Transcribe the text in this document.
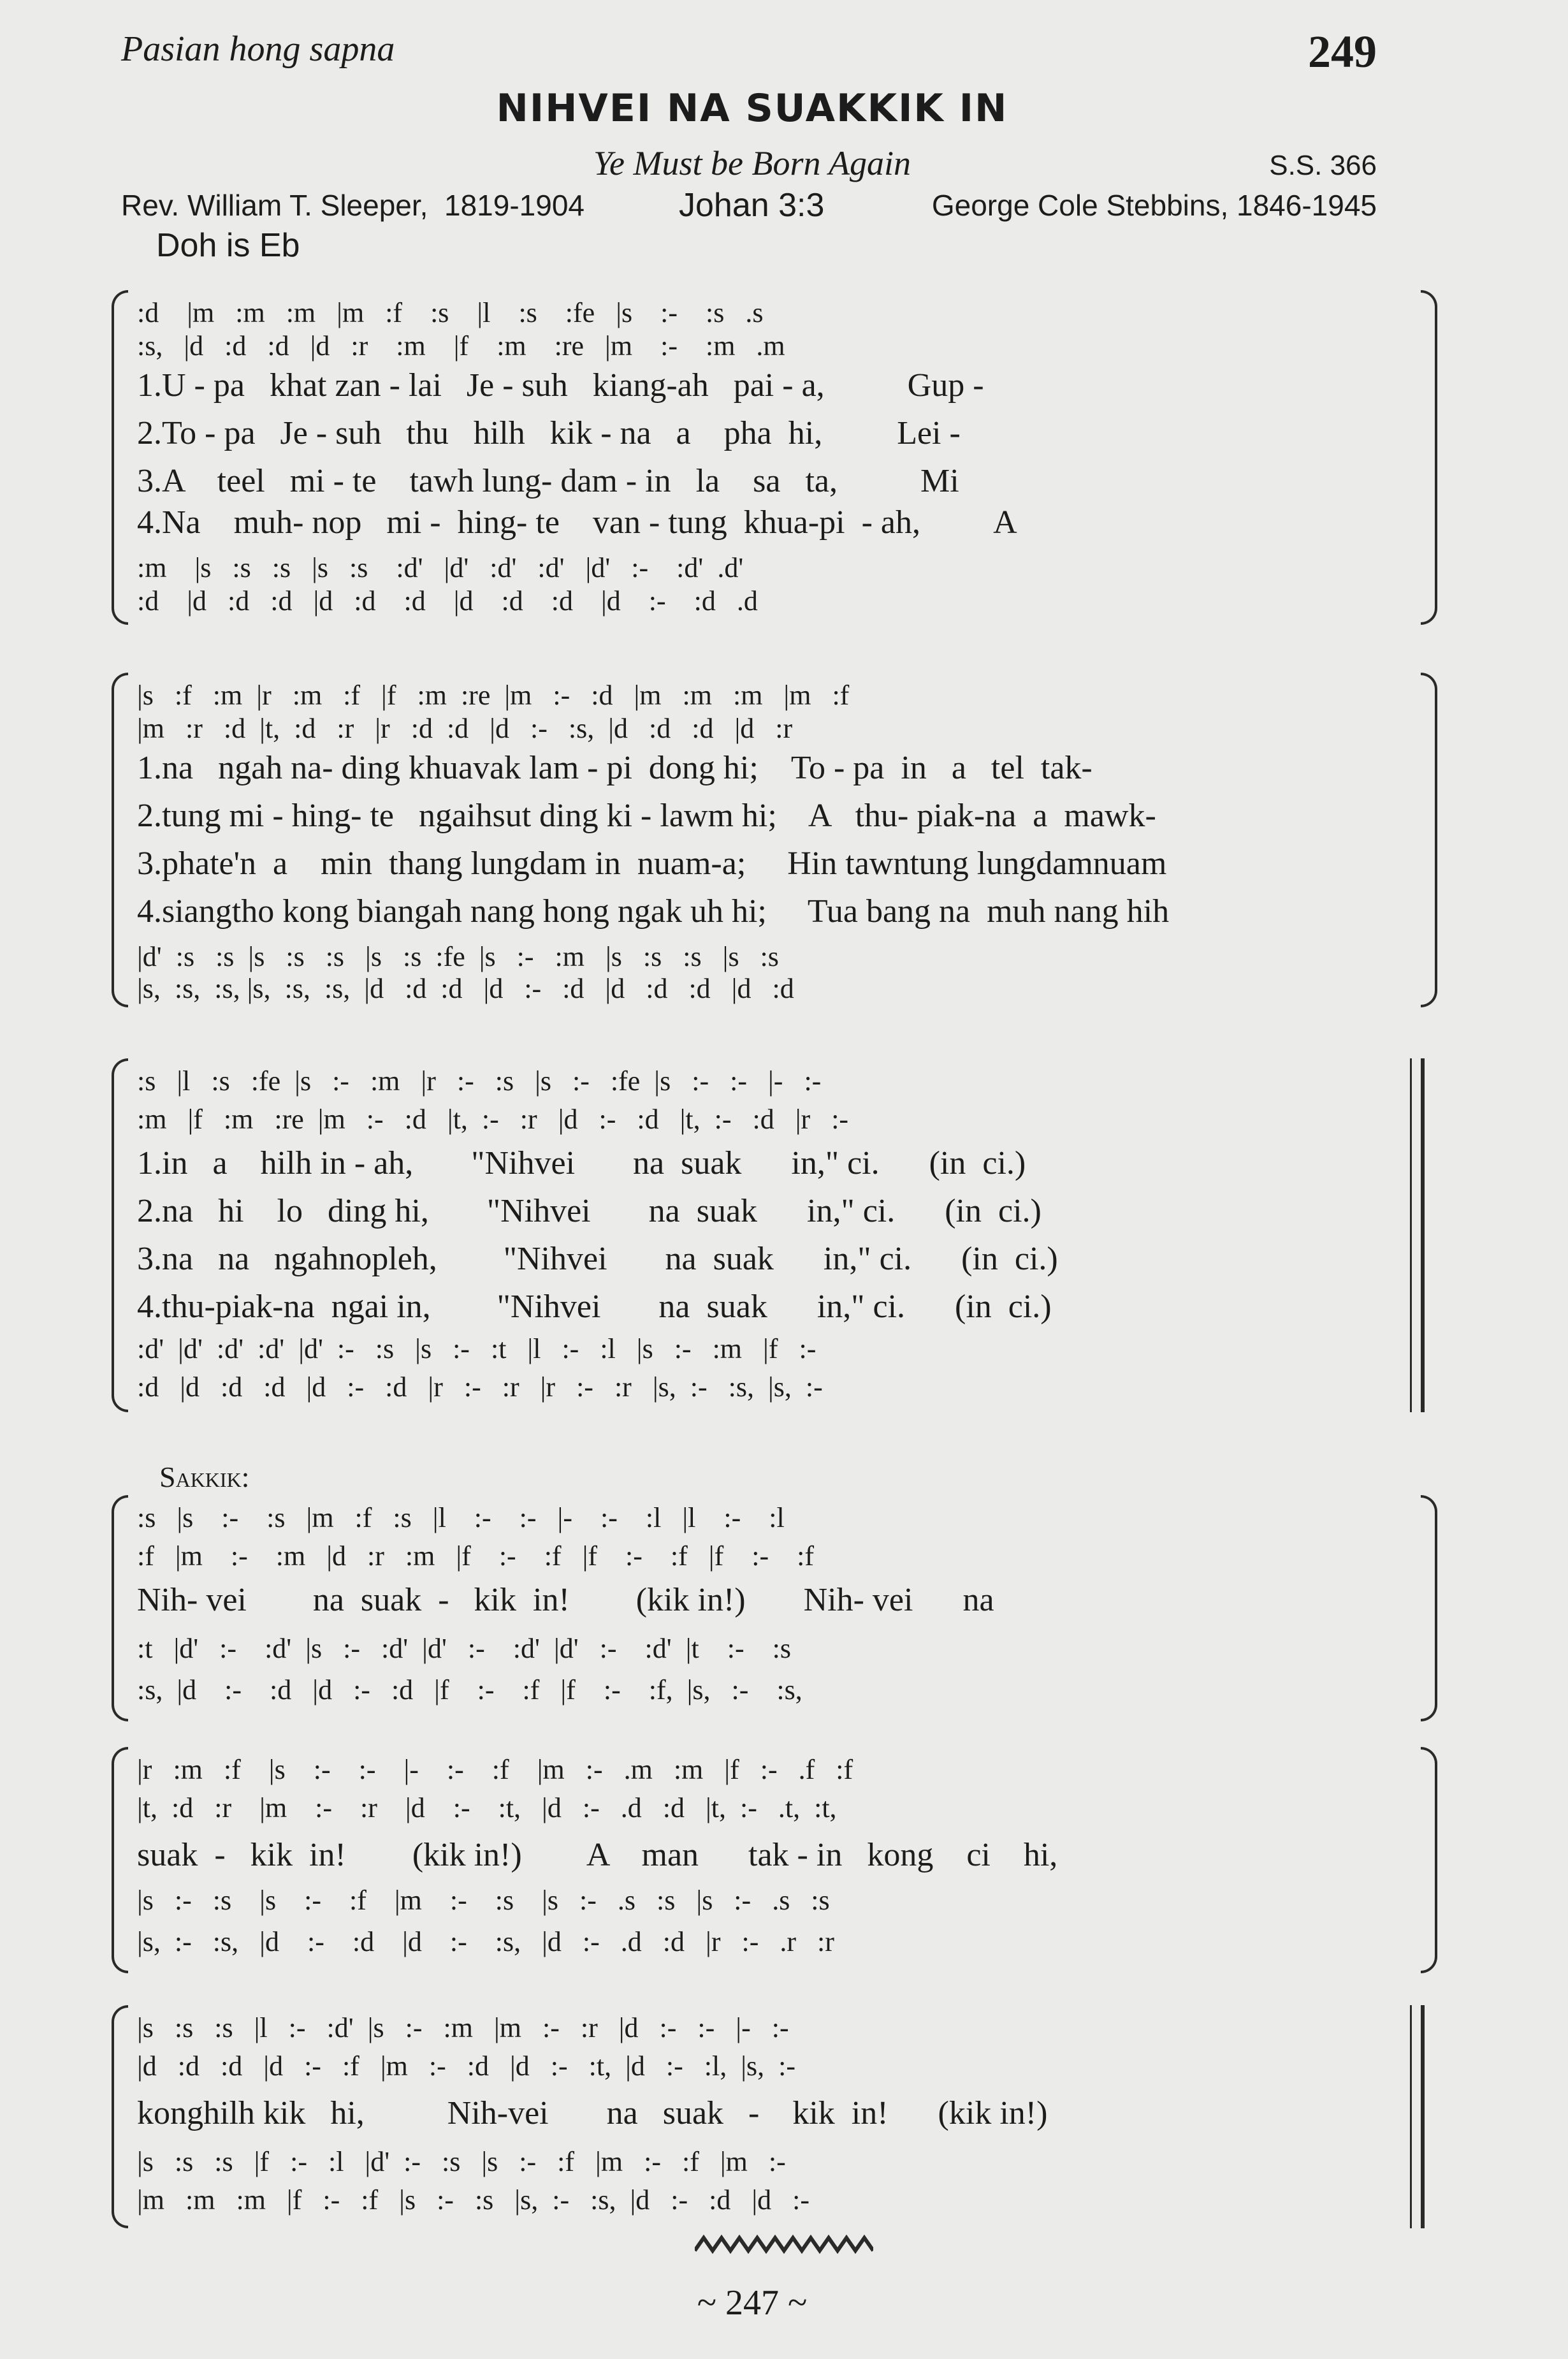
Pasian hong sapna	249
NIHVEI NA SUAKKIK IN
Ye Must be Born Again	S.S. 366
Rev. William T. Sleeper,  1819-1904	Johan 3:3	George Cole Stebbins, 1846-1945
Doh is Eb
:d    |m   :m   :m   |m   :f    :s    |l    :s    :fe   |s    :-    :s   .s
:s,   |d   :d   :d   |d   :r    :m    |f    :m    :re   |m    :-    :m   .m
1.U - pa   khat zan - lai   Je - suh   kiang-ah   pai - a,          Gup -
2.To - pa   Je - suh   thu   hilh   kik - na   a    pha  hi,         Lei -
3.A    teel   mi - te    tawh lung- dam - in   la    sa   ta,          Mi
4.Na    muh- nop   mi -  hing- te    van - tung  khua-pi  - ah,         A
:m    |s   :s   :s   |s   :s    :d'   |d'   :d'   :d'   |d'   :-    :d'  .d'
:d    |d   :d   :d   |d   :d    :d    |d    :d    :d    |d    :-    :d   .d
|s   :f   :m  |r   :m   :f   |f   :m  :re  |m   :-   :d   |m   :m   :m   |m   :f
|m   :r   :d  |t,  :d   :r   |r   :d  :d   |d   :-   :s,  |d   :d   :d   |d   :r
1.na   ngah na- ding khuavak lam - pi  dong hi;    To - pa  in   a   tel  tak-
2.tung mi - hing- te   ngaihsut ding ki - lawm hi;    A   thu- piak-na  a  mawk-
3.phate'n  a    min  thang lungdam in  nuam-a;     Hin tawntung lungdamnuam
4.siangtho kong biangah nang hong ngak uh hi;     Tua bang na  muh nang hih
|d'  :s   :s  |s   :s   :s   |s   :s  :fe  |s   :-   :m   |s   :s   :s   |s   :s
|s,  :s,  :s, |s,  :s,  :s,  |d   :d  :d   |d   :-   :d   |d   :d   :d   |d   :d
:s   |l   :s   :fe  |s   :-   :m   |r   :-   :s   |s   :-   :fe  |s   :-   :-   |-   :-
:m   |f   :m   :re  |m   :-   :d   |t,  :-   :r   |d   :-   :d   |t,  :-   :d   |r   :-
1.in   a    hilh in - ah,       "Nihvei       na  suak      in," ci.      (in  ci.)
2.na   hi    lo   ding hi,       "Nihvei       na  suak      in," ci.      (in  ci.)
3.na   na   ngahnopleh,        "Nihvei       na  suak      in," ci.      (in  ci.)
4.thu-piak-na  ngai in,        "Nihvei       na  suak      in," ci.      (in  ci.)
:d'  |d'  :d'  :d'  |d'  :-   :s   |s   :-   :t   |l   :-   :l   |s   :-   :m   |f   :-
:d   |d   :d   :d   |d   :-   :d   |r   :-   :r   |r   :-   :r   |s,  :-   :s,  |s,  :-
Sakkik:
:s   |s    :-    :s   |m   :f   :s   |l    :-    :-   |-    :-    :l   |l    :-    :l
:f   |m    :-    :m   |d   :r   :m   |f    :-    :f   |f    :-    :f   |f    :-    :f
Nih- vei        na  suak  -   kik  in!        (kik in!)       Nih- vei      na
:t   |d'   :-    :d'  |s   :-   :d'  |d'   :-    :d'  |d'   :-    :d'  |t    :-    :s
:s,  |d    :-    :d   |d   :-   :d   |f    :-    :f   |f    :-    :f,  |s,   :-    :s,
|r   :m   :f    |s    :-    :-    |-    :-    :f    |m   :-   .m   :m   |f   :-   .f   :f
|t,  :d   :r    |m    :-    :r    |d    :-    :t,   |d   :-   .d   :d   |t,  :-   .t,  :t,
suak  -   kik  in!        (kik in!)        A    man      tak - in   kong    ci    hi,
|s   :-   :s    |s    :-    :f    |m    :-    :s    |s   :-   .s   :s   |s   :-   .s   :s
|s,  :-   :s,   |d    :-    :d    |d    :-    :s,   |d   :-   .d   :d   |r   :-   .r   :r
|s   :s   :s   |l   :-   :d'  |s   :-   :m   |m   :-   :r   |d   :-   :-   |-   :-
|d   :d   :d   |d   :-   :f   |m   :-   :d   |d   :-   :t,  |d   :-   :l,  |s,  :-
konghilh kik   hi,          Nih-vei       na   suak   -    kik  in!      (kik in!)
|s   :s   :s   |f   :-   :l   |d'  :-   :s   |s   :-   :f   |m   :-   :f   |m   :-
|m   :m   :m   |f   :-   :f   |s   :-   :s   |s,  :-   :s,  |d   :-   :d   |d   :-
~ 247 ~
